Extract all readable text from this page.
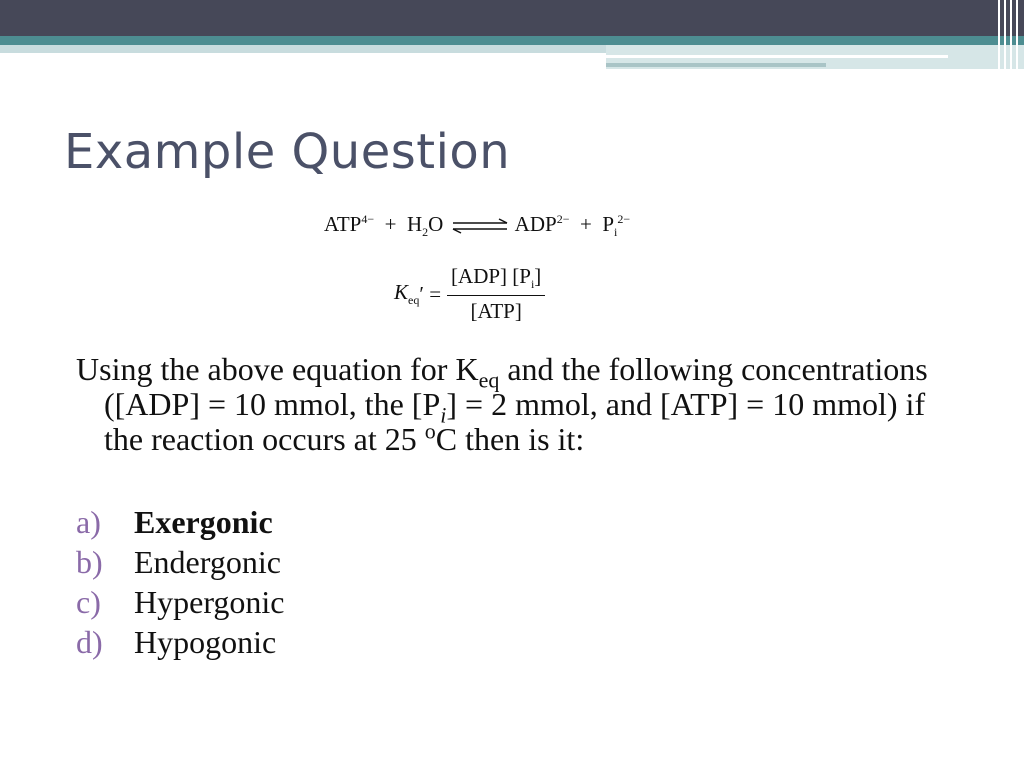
Example Question
$ATP^{4-} + H_2O$ ⇌ $ADP^{2-} + P_i^{2-}$
$K_{eq}$ ′ = $\frac{[ADP] [P_i]}{\text{[ATP]}}$
Using the above equation for $K_{eq}$ and the following concentrations ([ADP] = 10 mmol, the $[P_i] = 2$ mmol, and [ATP] = 10 mmol) if the reaction occurs at 25 $^o$C then is it:
a)	Exergonic
b) Endergonic
c)	Hypergonic
d) Hypogonic
